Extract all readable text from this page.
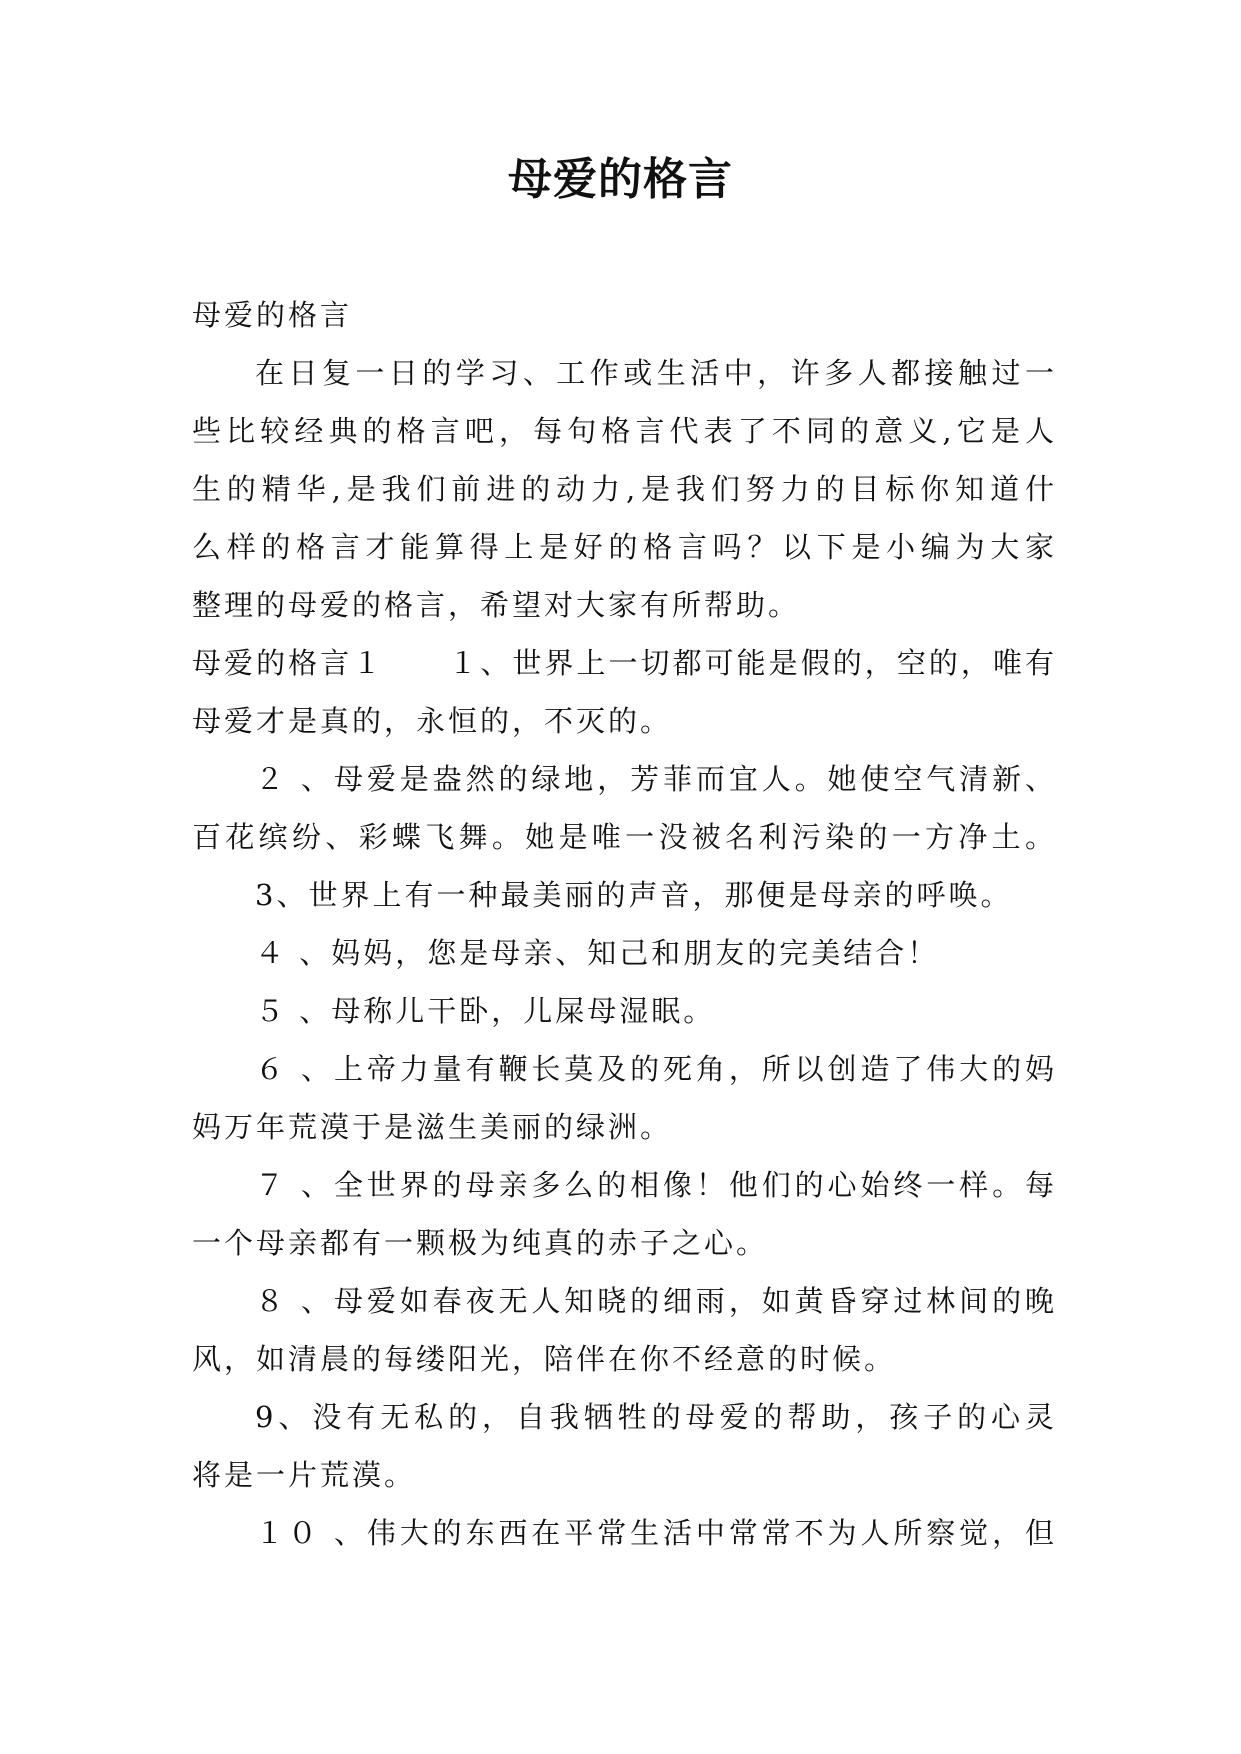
母爱的格言
母爱的格言
在日复一日的学习、工作或生活中，许多人都接触过一
些比较经典的格言吧，每句格言代表了不同的意义,它是人
生的精华,是我们前进的动力,是我们努力的目标你知道什
么样的格言才能算得上是好的格言吗？以下是小编为大家
整理的母爱的格言，希望对大家有所帮助。
母爱的格言１　　１、世界上一切都可能是假的，空的，唯有
母爱才是真的，永恒的，不灭的。
２ 、母爱是盎然的绿地，芳菲而宜人。她使空气清新、
百花缤纷、彩蝶飞舞。她是唯一没被名利污染的一方净土。
3、世界上有一种最美丽的声音，那便是母亲的呼唤。
４ 、妈妈，您是母亲、知己和朋友的完美结合！
５ 、母称儿干卧，儿屎母湿眠。
６ 、上帝力量有鞭长莫及的死角，所以创造了伟大的妈
妈万年荒漠于是滋生美丽的绿洲。
７ 、全世界的母亲多么的相像！他们的心始终一样。每
一个母亲都有一颗极为纯真的赤子之心。
８ 、母爱如春夜无人知晓的细雨，如黄昏穿过林间的晚
风，如清晨的每缕阳光，陪伴在你不经意的时候。
9、没有无私的，自我牺牲的母爱的帮助，孩子的心灵
将是一片荒漠。
１０ 、伟大的东西在平常生活中常常不为人所察觉，但
